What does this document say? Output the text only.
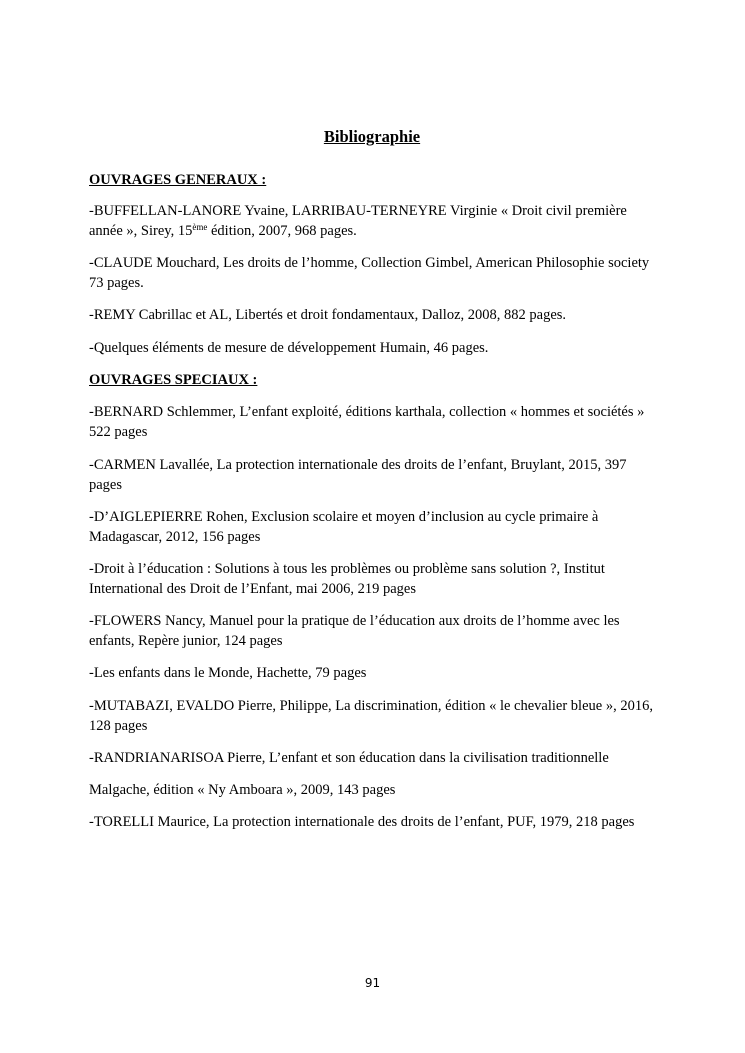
Bibliographie
OUVRAGES GENERAUX :
-BUFFELLAN-LANORE Yvaine, LARRIBAU-TERNEYRE Virginie « Droit civil première année », Sirey, 15ème édition, 2007, 968 pages.
-CLAUDE Mouchard, Les droits de l’homme, Collection Gimbel, American Philosophie society 73 pages.
-REMY Cabrillac et AL, Libertés et droit fondamentaux, Dalloz, 2008, 882 pages.
-Quelques éléments de mesure de développement Humain, 46 pages.
OUVRAGES SPECIAUX :
-BERNARD Schlemmer, L’enfant exploité, éditions karthala, collection « hommes et sociétés » 522 pages
-CARMEN Lavallée, La protection internationale des droits de l’enfant, Bruylant, 2015, 397 pages
-D’AIGLEPIERRE Rohen, Exclusion scolaire et moyen d’inclusion au cycle primaire à Madagascar, 2012, 156 pages
-Droit à l’éducation : Solutions à tous les problèmes ou problème sans solution ?, Institut International des Droit de l’Enfant, mai 2006, 219 pages
-FLOWERS Nancy, Manuel pour la pratique de l’éducation aux droits de l’homme avec les enfants, Repère junior, 124 pages
-Les enfants dans le Monde, Hachette, 79 pages
-MUTABAZI, EVALDO Pierre, Philippe, La discrimination, édition « le chevalier bleue », 2016, 128 pages
-RANDRIANARISOA Pierre, L’enfant et son éducation dans la civilisation traditionnelle
Malgache, édition « Ny Amboara », 2009, 143 pages
-TORELLI Maurice, La protection internationale des droits de l’enfant, PUF, 1979, 218 pages
91
